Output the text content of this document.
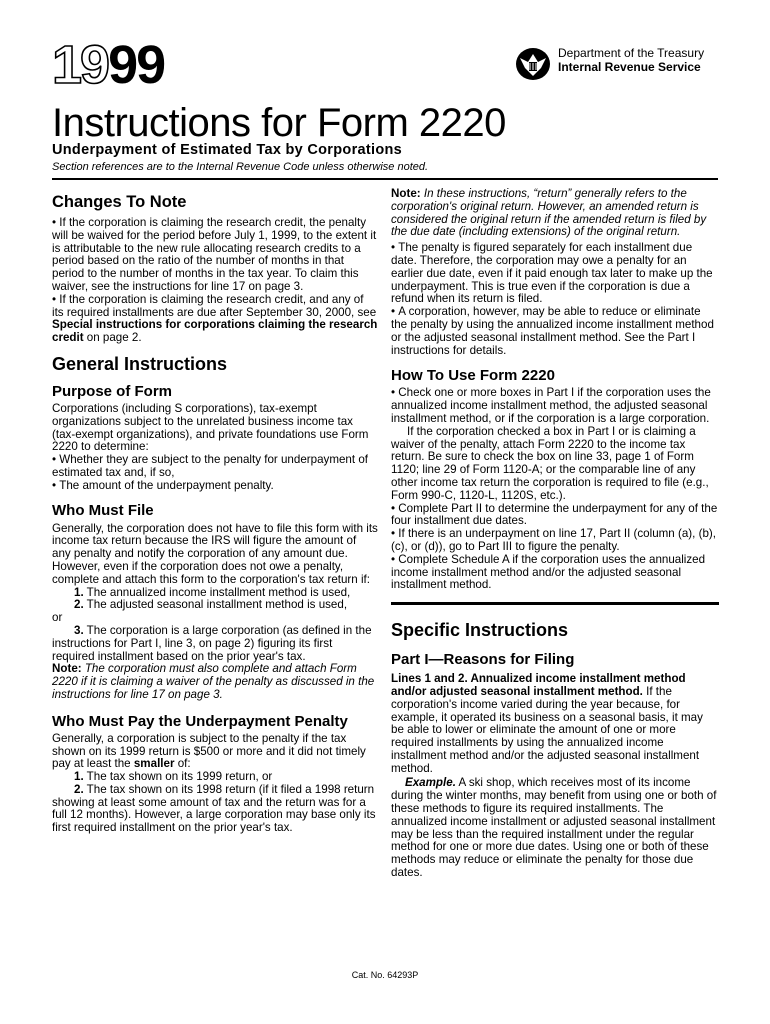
1999	Department of the Treasury
Internal Revenue Service
Instructions for Form 2220
Underpayment of Estimated Tax by Corporations
Section references are to the Internal Revenue Code unless otherwise noted.
Changes To Note

• If the corporation is claiming the research credit, the penalty will be waived for the period before July 1, 1999, to the extent it is attributable to the new rule allocating research credits to a period based on the ratio of the number of months in that period to the number of months in the tax year. To claim this waiver, see the instructions for line 17 on page 3.

• If the corporation is claiming the research credit, and any of its required installments are due after September 30, 2000, see Special instructions for corporations claiming the research credit on page 2.

General Instructions
Purpose of Form

Corporations (including S corporations), tax-exempt organizations subject to the unrelated business income tax (tax-exempt organizations), and private foundations use Form 2220 to determine:

• Whether they are subject to the penalty for underpayment of estimated tax and, if so,

• The amount of the underpayment penalty.

Who Must File

Generally, the corporation does not have to file this form with its income tax return because the IRS will figure the amount of any penalty and notify the corporation of any amount due. However, even if the corporation does not owe a penalty, complete and attach this form to the corporation's tax return if:

1. The annualized income installment method is used,

2. The adjusted seasonal installment method is used,

or

3. The corporation is a large corporation (as defined in the instructions for Part I, line 3, on page 2) figuring its first required installment based on the prior year's tax.

Note: The corporation must also complete and attach Form 2220 if it is claiming a waiver of the penalty as discussed in the instructions for line 17 on page 3.

Who Must Pay the Underpayment Penalty

Generally, a corporation is subject to the penalty if the tax shown on its 1999 return is $500 or more and it did not timely pay at least the smaller of:

1. The tax shown on its 1999 return, or

2. The tax shown on its 1998 return (if it filed a 1998 return showing at least some amount of tax and the return was for a full 12 months). However, a large corporation may base only its first required installment on the prior year's tax.

Note: In these instructions, “return” generally refers to the corporation's original return. However, an amended return is considered the original return if the amended return is filed by the due date (including extensions) of the original return.

• The penalty is figured separately for each installment due date. Therefore, the corporation may owe a penalty for an earlier due date, even if it paid enough tax later to make up the underpayment. This is true even if the corporation is due a refund when its return is filed.

• A corporation, however, may be able to reduce or eliminate the penalty by using the annualized income installment method or the adjusted seasonal installment method. See the Part I instructions for details.

How To Use Form 2220

• Check one or more boxes in Part I if the corporation uses the annualized income installment method, the adjusted seasonal installment method, or if the corporation is a large corporation.

If the corporation checked a box in Part I or is claiming a waiver of the penalty, attach Form 2220 to the income tax return. Be sure to check the box on line 33, page 1 of Form 1120; line 29 of Form 1120-A; or the comparable line of any other income tax return the corporation is required to file (e.g., Form 990-C, 1120-L, 1120S, etc.).

• Complete Part II to determine the underpayment for any of the four installment due dates.

• If there is an underpayment on line 17, Part II (column (a), (b), (c), or (d)), go to Part III to figure the penalty.

• Complete Schedule A if the corporation uses the annualized income installment method and/or the adjusted seasonal installment method.

Specific Instructions
Part I—Reasons for Filing

Lines 1 and 2. Annualized income installment method and/or adjusted seasonal installment method. If the corporation's income varied during the year because, for example, it operated its business on a seasonal basis, it may be able to lower or eliminate the amount of one or more required installments by using the annualized income installment method and/or the adjusted seasonal installment method.

Example. A ski shop, which receives most of its income during the winter months, may benefit from using one or both of these methods to figure its required installments. The annualized income installment or adjusted seasonal installment may be less than the required installment under the regular method for one or more due dates. Using one or both of these methods may reduce or eliminate the penalty for those due dates.

Cat. No. 64293P
